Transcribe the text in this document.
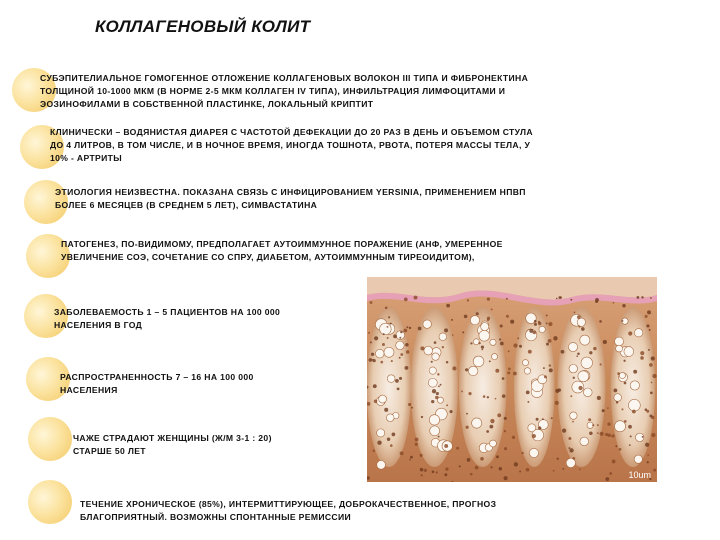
КОЛЛАГЕНОВЫЙ КОЛИТ
СУБЭПИТЕЛИАЛЬНОЕ ГОМОГЕННОЕ ОТЛОЖЕНИЕ КОЛЛАГЕНОВЫХ ВОЛОКОН III ТИПА И ФИБРОНЕКТИНА
ТОЛЩИНОЙ 10-1000 МКМ (В НОРМЕ 2-5 МКМ КОЛЛАГЕН IV ТИПА), ИНФИЛЬТРАЦИЯ ЛИМФОЦИТАМИ И
ЭОЗИНОФИЛАМИ В СОБСТВЕННОЙ ПЛАСТИНКЕ, ЛОКАЛЬНЫЙ КРИПТИТ
КЛИНИЧЕСКИ – ВОДЯНИСТАЯ ДИАРЕЯ С ЧАСТОТОЙ ДЕФЕКАЦИИ ДО 20 РАЗ В ДЕНЬ И ОБЪЕМОМ СТУЛА
ДО 4 ЛИТРОВ, В ТОМ ЧИСЛЕ, И В НОЧНОЕ ВРЕМЯ, ИНОГДА ТОШНОТА, РВОТА, ПОТЕРЯ МАССЫ ТЕЛА, У
10% - АРТРИТЫ
ЭТИОЛОГИЯ НЕИЗВЕСТНА. ПОКАЗАНА СВЯЗЬ С ИНФИЦИРОВАНИЕМ YERSINIA, ПРИМЕНЕНИЕМ НПВП
БОЛЕЕ 6 МЕСЯЦЕВ (В СРЕДНЕМ 5 ЛЕТ), СИМВАСТАТИНА
ПАТОГЕНЕЗ, ПО-ВИДИМОМУ, ПРЕДПОЛАГАЕТ АУТОИММУННОЕ ПОРАЖЕНИЕ (АНФ, УМЕРЕННОЕ
УВЕЛИЧЕНИЕ СОЭ, СОЧЕТАНИЕ СО СПРУ, ДИАБЕТОМ, АУТОИММУННЫМ ТИРЕОИДИТОМ),
ЗАБОЛЕВАЕМОСТЬ 1 – 5 ПАЦИЕНТОВ НА 100 000
НАСЕЛЕНИЯ В ГОД
РАСПРОСТРАНЕННОСТЬ 7 – 16 НА 100 000
НАСЕЛЕНИЯ
ЧАЖЕ СТРАДАЮТ ЖЕНЩИНЫ (Ж/М 3-1 : 20)
СТАРШЕ 50 ЛЕТ
ТЕЧЕНИЕ ХРОНИЧЕСКОЕ (85%), ИНТЕРМИТТИРУЮЩЕЕ, ДОБРОКАЧЕСТВЕННОЕ, ПРОГНОЗ
БЛАГОПРИЯТНЫЙ. ВОЗМОЖНЫ СПОНТАННЫЕ РЕМИССИИ
10um
